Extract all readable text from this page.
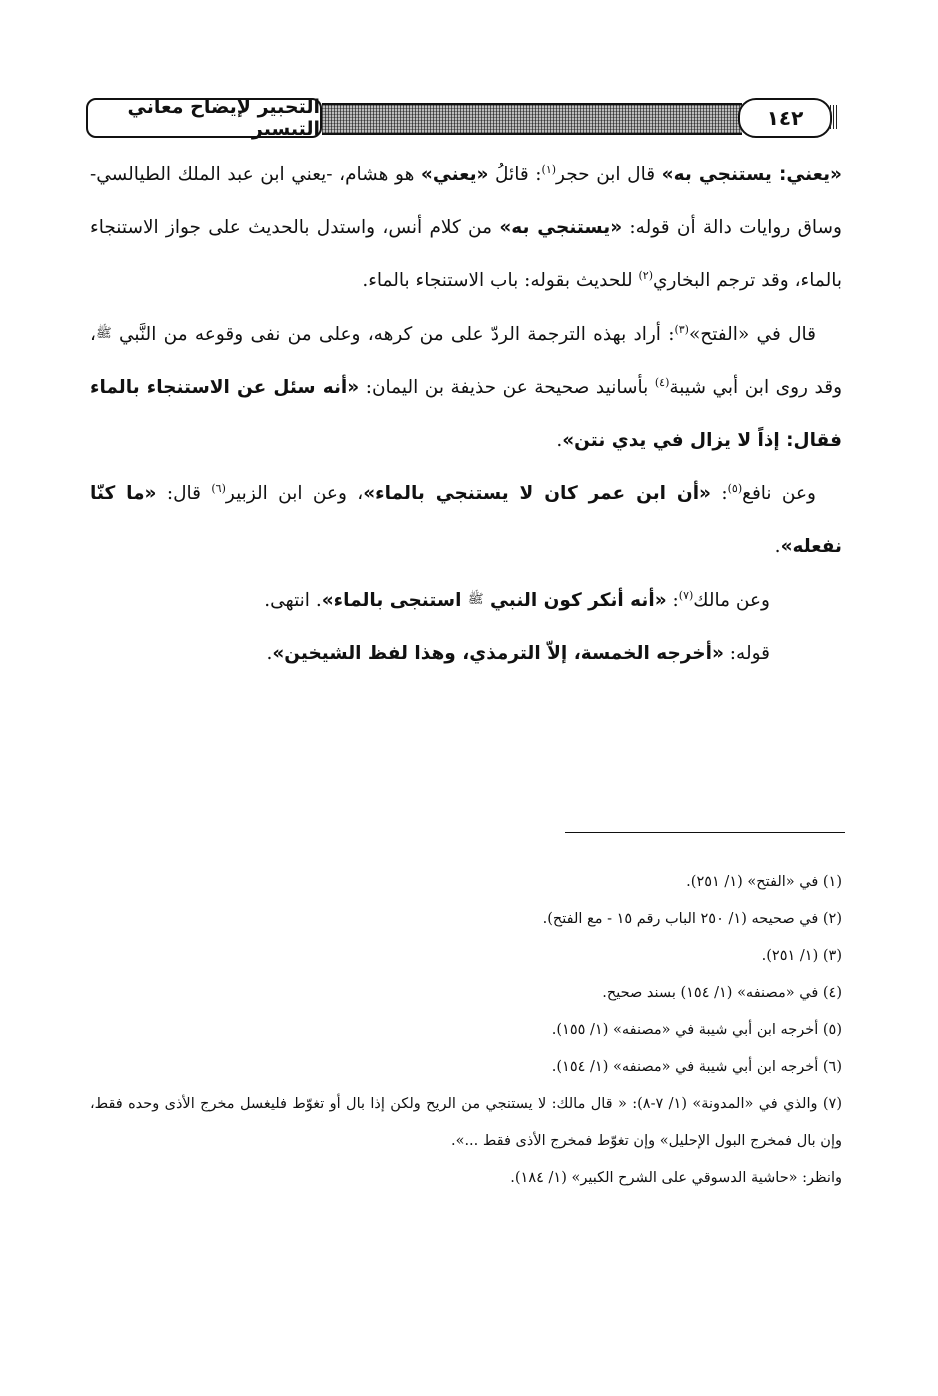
التحبير لإيضاح معاني التيسير	١٤٢

«يعني: يستنجي به» قال ابن حجر$^{(١)}$: قائلُ «يعني» هو هشام، -يعني ابن عبد الملك الطيالسي- وساق روايات دالة أن قوله: «يستنجي به» من كلام أنس، واستدل بالحديث على جواز الاستنجاء بالماء، وقد ترجم البخاري$^{(٢)}$ للحديث بقوله: باب الاستنجاء بالماء.

قال في «الفتح»$^{(٣)}$: أراد بهذه الترجمة الردّ على من كرهه، وعلى من نفى وقوعه من النَّبي ﷺ، وقد روى ابن أبي شيبة$^{(٤)}$ بأسانيد صحيحة عن حذيفة بن اليمان: «أنه سئل عن الاستنجاء بالماء فقال: إذاً لا يزال في يدي نتن».

وعن نافع$^{(٥)}$: «أن ابن عمر كان لا يستنجي بالماء»، وعن ابن الزبير$^{(٦)}$ قال: «ما كنّا نفعله».

وعن مالك$^{(٧)}$: «أنه أنكر كون النبي ﷺ استنجى بالماء». انتهى.

قوله: «أخرجه الخمسة، إلاّ الترمذي، وهذا لفظ الشيخين».

(١) في «الفتح» (١/ ٢٥١).

(٢) في صحيحه (١/ ٢٥٠ الباب رقم ١٥ - مع الفتح).

(٣) (١/ ٢٥١).

(٤) في «مصنفه» (١/ ١٥٤) بسند صحيح.

(٥) أخرجه ابن أبي شيبة في «مصنفه» (١/ ١٥٥).

(٦) أخرجه ابن أبي شيبة في «مصنفه» (١/ ١٥٤).

(٧) والذي في «المدونة» (١/ ٧-٨): « قال مالك: لا يستنجي من الريح ولكن إذا بال أو تغوّط فليغسل مخرج الأذى وحده فقط، وإن بال فمخرج البول الإحليل» وإن تغوّط فمخرج الأذى فقط ...».

وانظر: «حاشية الدسوقي على الشرح الكبير» (١/ ١٨٤).
